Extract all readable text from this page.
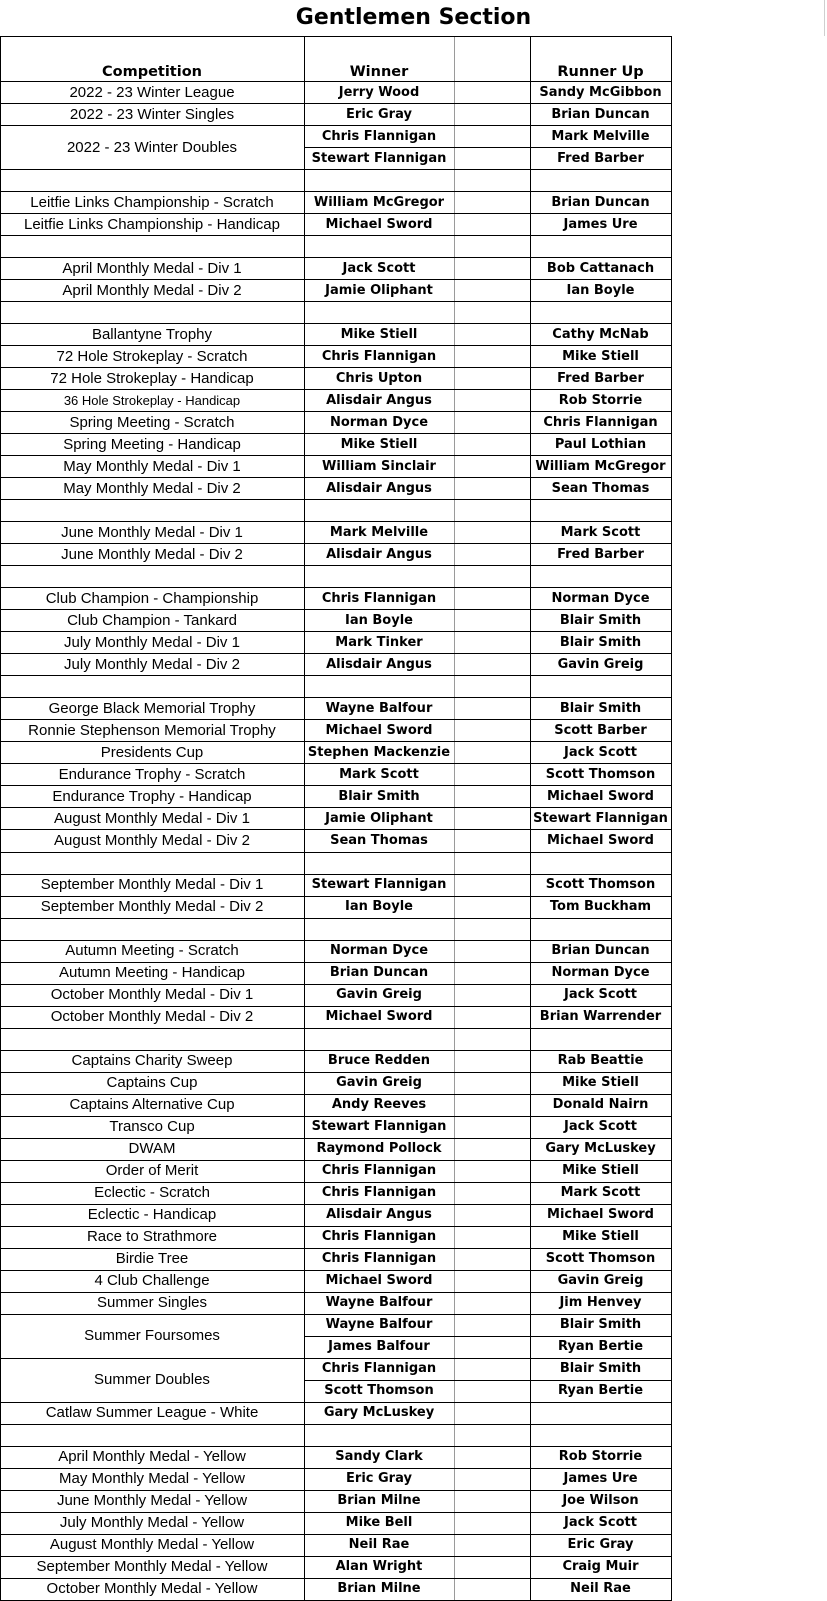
Gentlemen Section
Competition	Winner	Runner Up
2022 - 23 Winter League	Jerry Wood	Sandy McGibbon
2022 - 23 Winter Singles	Eric Gray	Brian Duncan
2022 - 23 Winter Doubles
Chris Flannigan	Mark Melville
Stewart Flannigan	Fred Barber
Leitfie Links Championship - Scratch	William McGregor	Brian Duncan
Leitfie Links Championship - Handicap	Michael Sword	James Ure
April Monthly Medal - Div 1	Jack Scott	Bob Cattanach
April Monthly Medal - Div 2	Jamie Oliphant	Ian Boyle
Ballantyne Trophy	Mike Stiell	Cathy McNab
72 Hole Strokeplay - Scratch	Chris Flannigan	Mike Stiell
72 Hole Strokeplay - Handicap	Chris Upton	Fred Barber
36 Hole Strokeplay - Handicap	Alisdair Angus	Rob Storrie
Spring Meeting - Scratch	Norman Dyce	Chris Flannigan
Spring Meeting - Handicap	Mike Stiell	Paul Lothian
May Monthly Medal - Div 1	William Sinclair	William McGregor
May Monthly Medal - Div 2	Alisdair Angus	Sean Thomas
June Monthly Medal - Div 1	Mark Melville	Mark Scott
June Monthly Medal - Div 2	Alisdair Angus	Fred Barber
Club Champion - Championship	Chris Flannigan	Norman Dyce
Club Champion - Tankard	Ian Boyle	Blair Smith
July Monthly Medal - Div 1	Mark Tinker	Blair Smith
July Monthly Medal - Div 2	Alisdair Angus	Gavin Greig
George Black Memorial Trophy	Wayne Balfour	Blair Smith
Ronnie Stephenson Memorial Trophy	Michael Sword	Scott Barber
Presidents Cup	Stephen Mackenzie	Jack Scott
Endurance Trophy - Scratch	Mark Scott	Scott Thomson
Endurance Trophy - Handicap	Blair Smith	Michael Sword
August Monthly Medal - Div 1	Jamie Oliphant	Stewart Flannigan
August Monthly Medal - Div 2	Sean Thomas	Michael Sword
September Monthly Medal - Div 1	Stewart Flannigan	Scott Thomson
September Monthly Medal - Div 2	Ian Boyle	Tom Buckham
Autumn Meeting - Scratch	Norman Dyce	Brian Duncan
Autumn Meeting - Handicap	Brian Duncan	Norman Dyce
October Monthly Medal - Div 1	Gavin Greig	Jack Scott
October Monthly Medal - Div 2	Michael Sword	Brian Warrender
Captains Charity Sweep	Bruce Redden	Rab Beattie
Captains Cup	Gavin Greig	Mike Stiell
Captains Alternative Cup	Andy Reeves	Donald Nairn
Transco Cup	Stewart Flannigan	Jack Scott
DWAM	Raymond Pollock	Gary McLuskey
Order of Merit	Chris Flannigan	Mike Stiell
Eclectic - Scratch	Chris Flannigan	Mark Scott
Eclectic - Handicap	Alisdair Angus	Michael Sword
Race to Strathmore	Chris Flannigan	Mike Stiell
Birdie Tree	Chris Flannigan	Scott Thomson
4 Club Challenge	Michael Sword	Gavin Greig
Summer Singles	Wayne Balfour	Jim Henvey
Summer Foursomes
Wayne Balfour	Blair Smith
James Balfour	Ryan Bertie
Summer Doubles
Chris Flannigan	Blair Smith
Scott Thomson	Ryan Bertie
Catlaw Summer League - White	Gary McLuskey
April Monthly Medal - Yellow	Sandy Clark	Rob Storrie
May Monthly Medal - Yellow	Eric Gray	James Ure
June Monthly Medal - Yellow	Brian Milne	Joe Wilson
July Monthly Medal - Yellow	Mike Bell	Jack Scott
August Monthly Medal - Yellow	Neil Rae	Eric Gray
September Monthly Medal - Yellow	Alan Wright	Craig Muir
October Monthly Medal - Yellow	Brian Milne	Neil Rae
